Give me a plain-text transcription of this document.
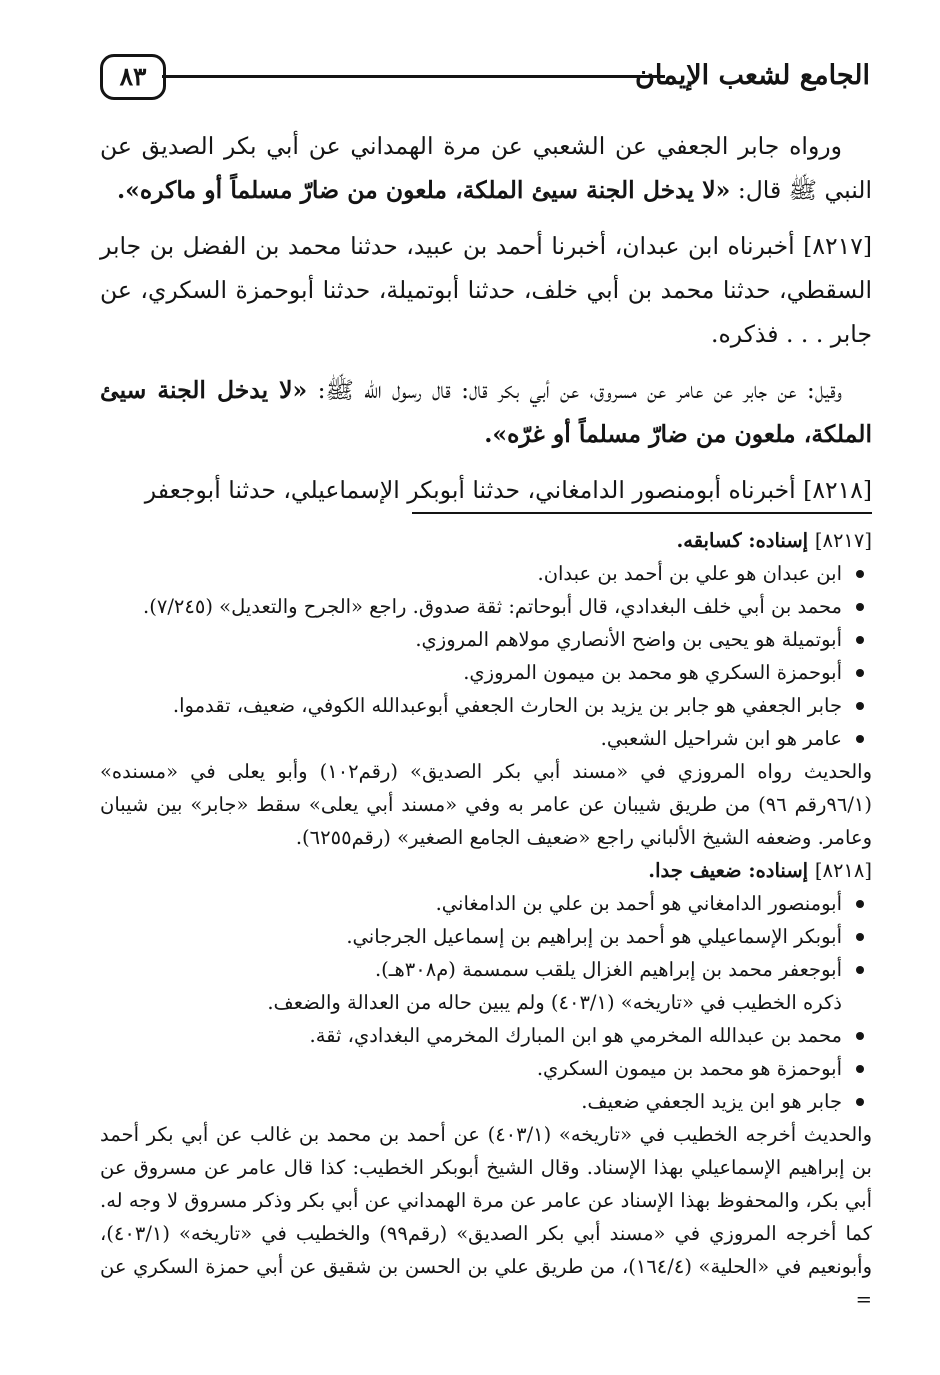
الجامع لشعب الإيمان
٨٣

ورواه جابر الجعفي عن الشعبي عن مرة الهمداني عن أبي بكر الصديق عن النبي ﷺ قال: «لا يدخل الجنة سيئ الملكة، ملعون من ضارّ مسلماً أو ماكره».

[٨٢١٧] أخبرناه ابن عبدان، أخبرنا أحمد بن عبيد، حدثنا محمد بن الفضل بن جابر السقطي، حدثنا محمد بن أبي خلف، حدثنا أبوتميلة، حدثنا أبوحمزة السكري، عن جابر . . . فذكره.

وقيل: عن جابر عن عامر عن مسروق، عن أبي بكر قال: قال رسول الله ﷺ: «لا يدخل الجنة سيئ الملكة، ملعون من ضارّ مسلماً أو غرّه».

[٨٢١٨] أخبرناه أبومنصور الدامغاني، حدثنا أبوبكر الإسماعيلي، حدثنا أبوجعفر

[٨٢١٧] إسناده: كسابقه.

ابن عبدان هو علي بن أحمد بن عبدان.
محمد بن أبي خلف البغدادي، قال أبوحاتم: ثقة صدوق. راجع «الجرح والتعديل» (٧/٢٤٥).
أبوتميلة هو يحيى بن واضح الأنصاري مولاهم المروزي.
أبوحمزة السكري هو محمد بن ميمون المروزي.
جابر الجعفي هو جابر بن يزيد بن الحارث الجعفي أبوعبدالله الكوفي، ضعيف، تقدموا.
عامر هو ابن شراحيل الشعبي.

والحديث رواه المروزي في «مسند أبي بكر الصديق» (رقم١٠٢) وأبو يعلى في «مسنده» (٩٦/١رقم ٩٦) من طريق شيبان عن عامر به وفي «مسند أبي يعلى» سقط «جابر» بين شيبان وعامر. وضعفه الشيخ الألباني راجع «ضعيف الجامع الصغير» (رقم٦٢٥٥).

[٨٢١٨] إسناده: ضعيف جدا.

أبومنصور الدامغاني هو أحمد بن علي بن الدامغاني.
أبوبكر الإسماعيلي هو أحمد بن إبراهيم بن إسماعيل الجرجاني.
أبوجعفر محمد بن إبراهيم الغزال يلقب سمسمة (م٣٠٨هـ).

ذكره الخطيب في «تاريخه» (٤٠٣/١) ولم يبين حاله من العدالة والضعف.

محمد بن عبدالله المخرمي هو ابن المبارك المخرمي البغدادي، ثقة.
أبوحمزة هو محمد بن ميمون السكري.
جابر هو ابن يزيد الجعفي ضعيف.

والحديث أخرجه الخطيب في «تاريخه» (٤٠٣/١) عن أحمد بن محمد بن غالب عن أبي بكر أحمد بن إبراهيم الإسماعيلي بهذا الإسناد. وقال الشيخ أبوبكر الخطيب: كذا قال عامر عن مسروق عن أبي بكر، والمحفوظ بهذا الإسناد عن عامر عن مرة الهمداني عن أبي بكر وذكر مسروق لا وجه له. كما أخرجه المروزي في «مسند أبي بكر الصديق» (رقم٩٩) والخطيب في «تاريخه» (٤٠٣/١)، وأبونعيم في «الحلية» (١٦٤/٤)، من طريق علي بن الحسن بن شقيق عن أبي حمزة السكري عن =
